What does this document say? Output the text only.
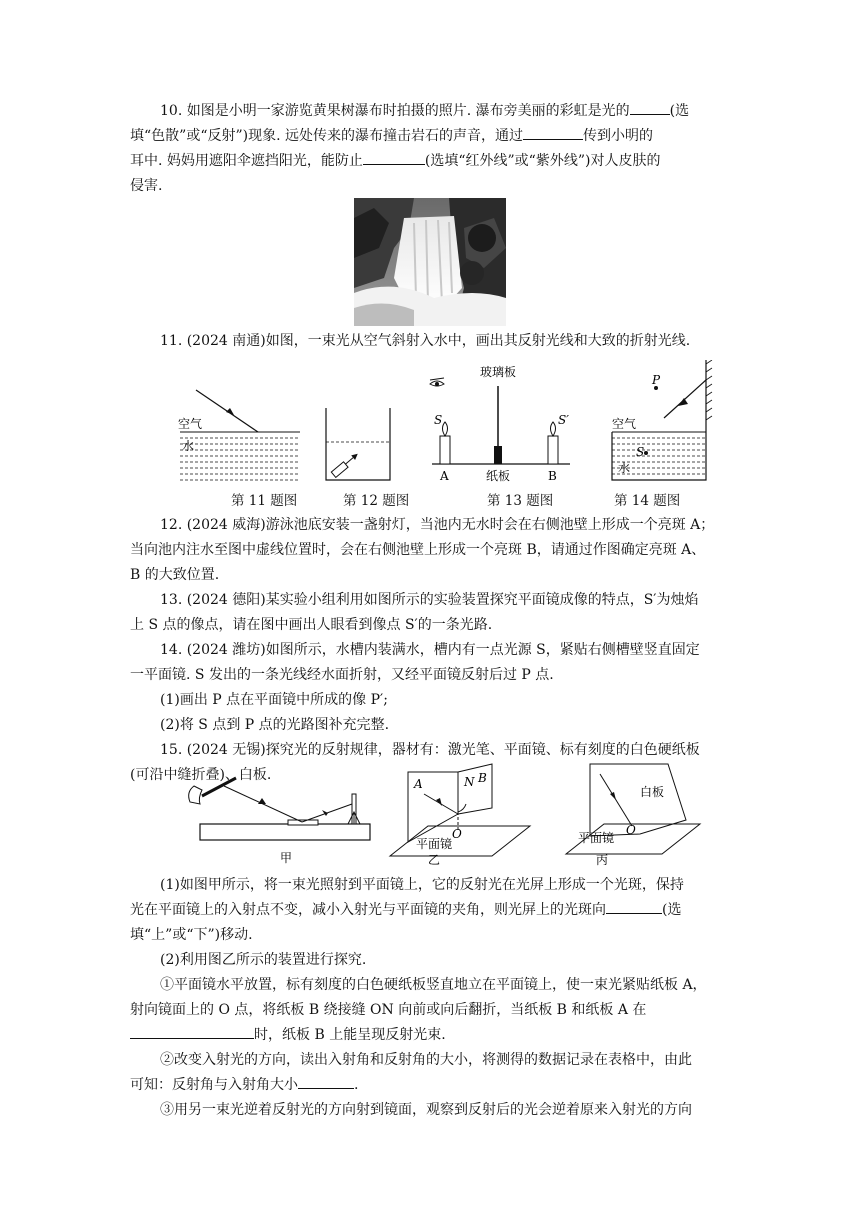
10. 如图是小明一家游览黄果树瀑布时拍摄的照片. 瀑布旁美丽的彩虹是光的	(选

填“色散”或“反射”)现象. 远处传来的瀑布撞击岩石的声音，通过	传到小明的

耳中. 妈妈用遮阳伞遮挡阳光，能防止	(选填“红外线”或“紫外线”)对人皮肤的

侵害.

11. (2024 南通)如图，一束光从空气斜射入水中，画出其反射光线和大致的折射光线.

空气
水
玻璃板
纸板
A	B
S	S′
P
空气
水
S
第 11 题图	第 12 题图	第 13 题图	第 14 题图

12. (2024 威海)游泳池底安装一盏射灯，当池内无水时会在右侧池壁上形成一个亮斑 A；

当向池内注水至图中虚线位置时，会在右侧池壁上形成一个亮斑 B，请通过作图确定亮斑 A、

B 的大致位置.

13. (2024 德阳)某实验小组利用如图所示的实验装置探究平面镜成像的特点，S′为烛焰

上 S 点的像点，请在图中画出人眼看到像点 S′的一条光路.

14. (2024 潍坊)如图所示，水槽内装满水，槽内有一点光源 S，紧贴右侧槽壁竖直固定

一平面镜. S 发出的一条光线经水面折射，又经平面镜反射后过 P 点.

(1)画出 P 点在平面镜中所成的像 P′;

(2)将 S 点到 P 点的光路图补充完整.

15. (2024 无锡)探究光的反射规律，器材有：激光笔、平面镜、标有刻度的白色硬纸板

(可沿中缝折叠)、白板.

甲
A	N B
O
平面镜
乙
白板
O
平面镜
丙

(1)如图甲所示，将一束光照射到平面镜上，它的反射光在光屏上形成一个光斑，保持

光在平面镜上的入射点不变，减小入射光与平面镜的夹角，则光屏上的光斑向	(选

填“上”或“下”)移动.

(2)利用图乙所示的装置进行探究.

①平面镜水平放置，标有刻度的白色硬纸板竖直地立在平面镜上，使一束光紧贴纸板 A，

射向镜面上的 O 点，将纸板 B 绕接缝 ON 向前或向后翻折，当纸板 B 和纸板 A 在

时，纸板 B 上能呈现反射光束.

②改变入射光的方向，读出入射角和反射角的大小，将测得的数据记录在表格中，由此

可知：反射角与入射角大小	.

③用另一束光逆着反射光的方向射到镜面，观察到反射后的光会逆着原来入射光的方向
